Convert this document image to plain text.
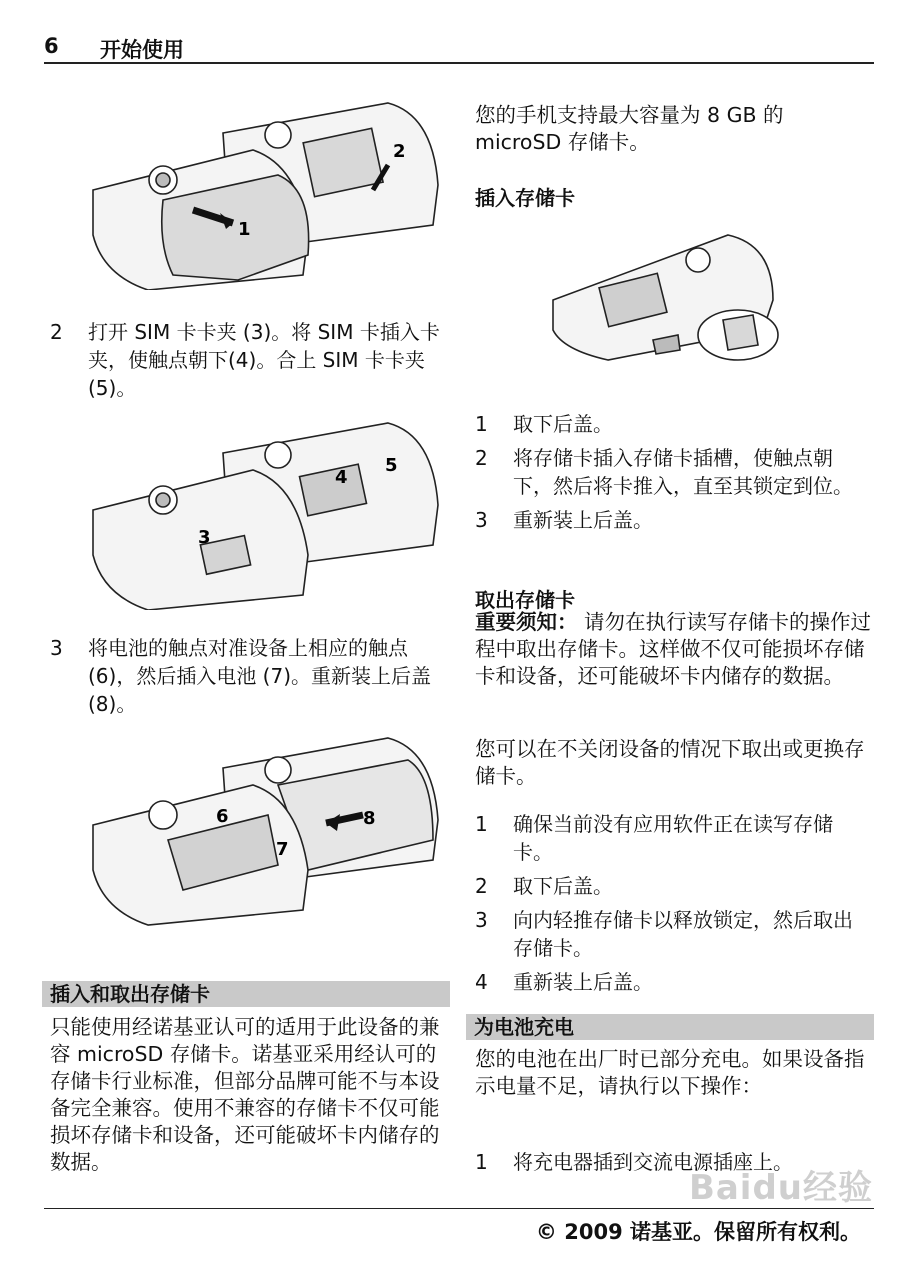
6 开始使用
1
2
2 打开 SIM 卡卡夹 (3)。将 SIM 卡插入卡夹，使触点朝下(4)。合上 SIM 卡卡夹 (5)。
3
4
5
3 将电池的触点对准设备上相应的触点 (6)，然后插入电池 (7)。重新装上后盖 (8)。
6
7
8
插入和取出存储卡

只能使用经诺基亚认可的适用于此设备的兼容 microSD 存储卡。诺基亚采用经认可的存储卡行业标准，但部分品牌可能不与本设备完全兼容。使用不兼容的存储卡不仅可能损坏存储卡和设备，还可能破坏卡内储存的数据。

您的手机支持最大容量为 8 GB 的 microSD 存储卡。

插入存储卡
1 取下后盖。
2 将存储卡插入存储卡插槽，使触点朝下，然后将卡推入，直至其锁定到位。
3 重新装上后盖。
取出存储卡

重要须知： 请勿在执行读写存储卡的操作过程中取出存储卡。这样做不仅可能损坏存储卡和设备，还可能破坏卡内储存的数据。

您可以在不关闭设备的情况下取出或更换存储卡。

1 确保当前没有应用软件正在读写存储卡。
2 取下后盖。
3 向内轻推存储卡以释放锁定，然后取出存储卡。
4 重新装上后盖。
为电池充电

您的电池在出厂时已部分充电。如果设备指示电量不足，请执行以下操作：

1 将充电器插到交流电源插座上。
Baidu经验
© 2009 诺基亚。保留所有权利。
